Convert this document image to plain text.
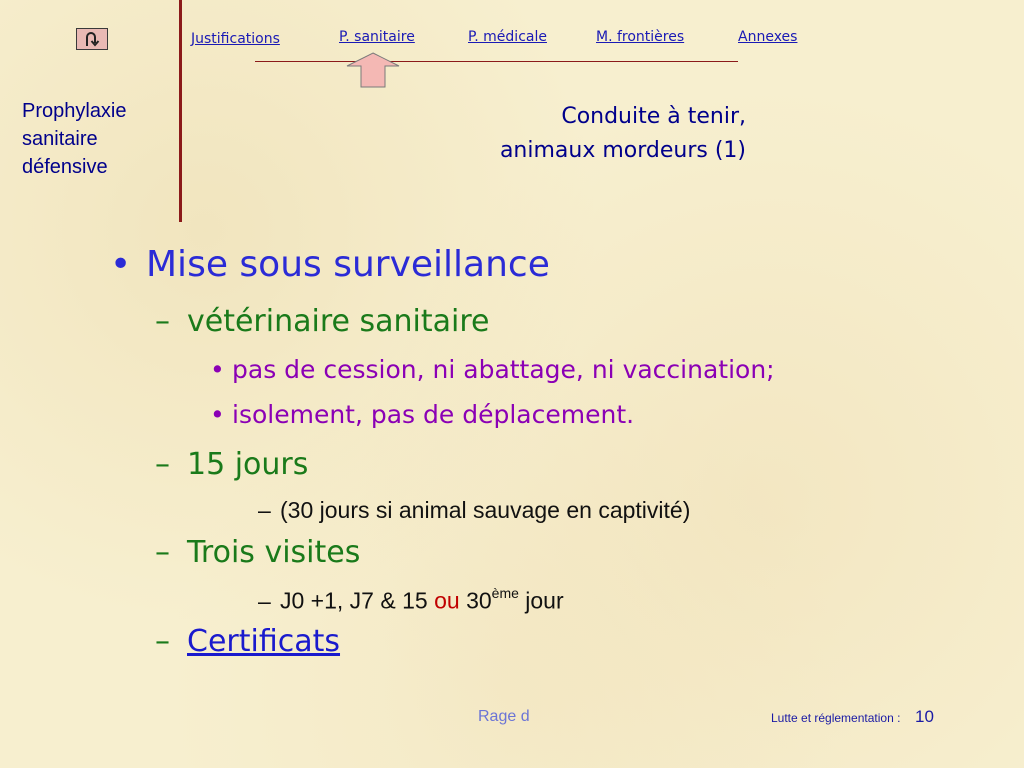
Justifications	P. sanitaire	P. médicale	M. frontières	Annexes
Prophylaxie
sanitaire
défensive
Conduite à tenir,
animaux mordeurs (1)
• Mise sous surveillance
– vétérinaire sanitaire
• pas de cession, ni abattage, ni vaccination;
• isolement, pas de déplacement.
– 15 jours
– (30 jours si animal sauvage en captivité)
– Trois visites
– J0 +1, J7 & 15 ou 30ème jour
– Certificats
Rage d	Lutte et réglementation : 10
